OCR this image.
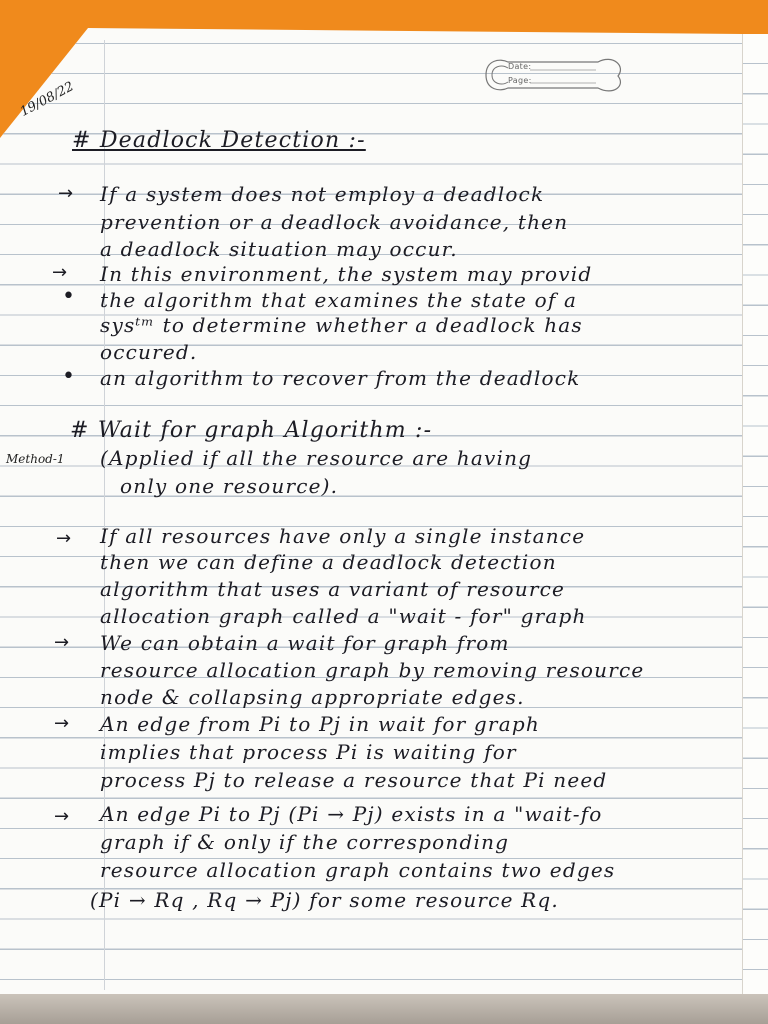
Date:
Page:
19/08/22
# Deadlock Detection :-
→ If a system does not employ a deadlock
prevention or a deadlock avoidance, then
a deadlock situation may occur.
→ In this environment, the system may provid
• the algorithm that examines the state of a
sysᵗᵐ to determine whether a deadlock has
occured.
• an algorithm to recover from the deadlock
# Wait for graph Algorithm :-
Method-1 (Applied if all the resource are having
only one resource).
→ If all resources have only a single instance
then we can define a deadlock detection
algorithm that uses a variant of resource
allocation graph called a "wait - for" graph
→ We can obtain a wait for graph from
resource allocation graph by removing resource
node & collapsing appropriate edges.
→ An edge from Pi to Pj in wait for graph
implies that process Pi is waiting for
process Pj to release a resource that Pi need
→ An edge Pi to Pj (Pi → Pj) exists in a "wait-fo
graph if & only if the corresponding
resource allocation graph contains two edges
(Pi → Rq , Rq → Pj) for some resource Rq.
